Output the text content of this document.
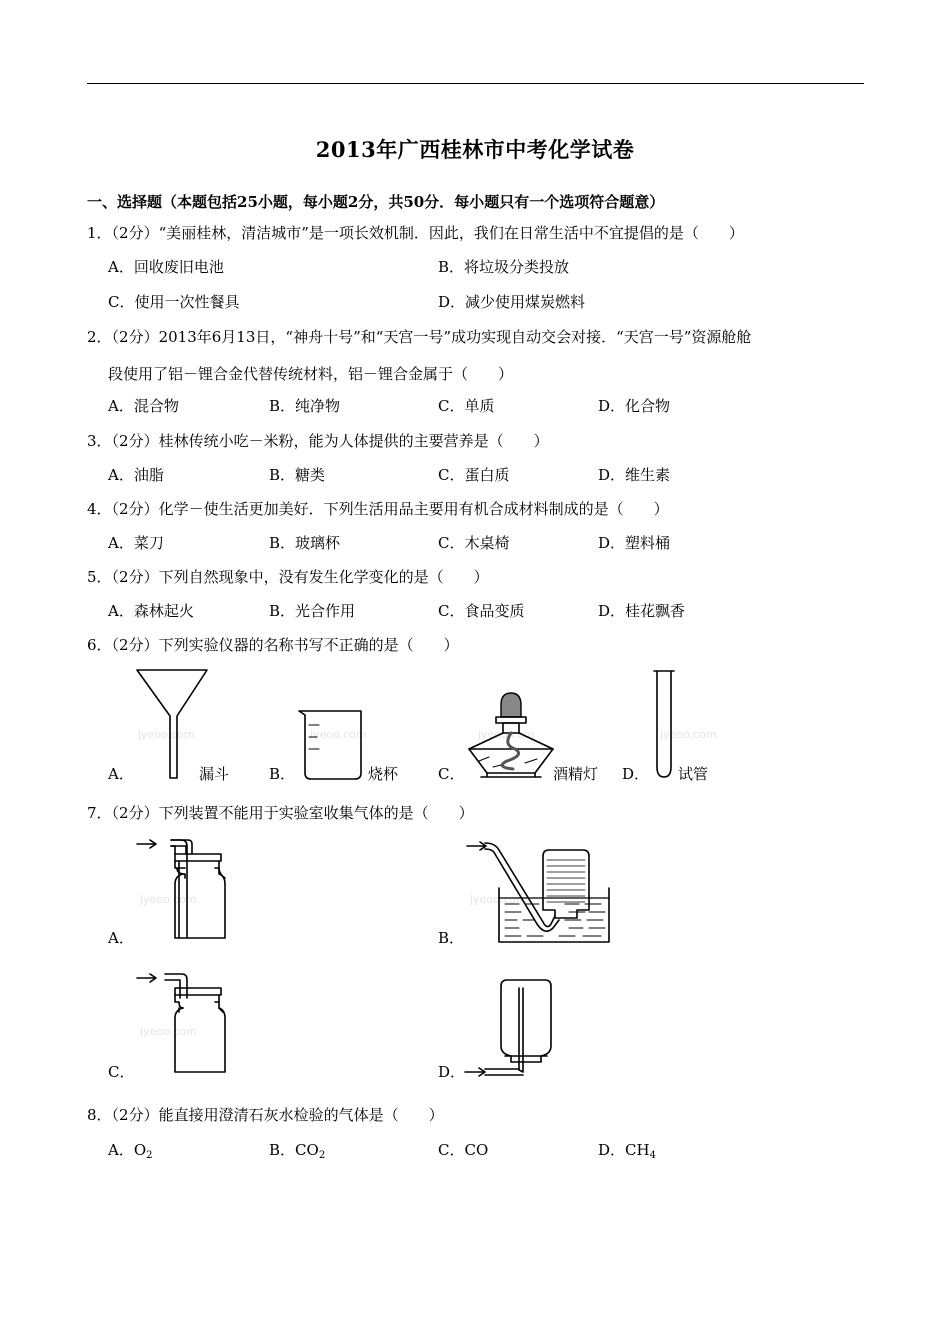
2013年广西桂林市中考化学试卷
一、选择题（本题包括25小题，每小题2分，共50分．每小题只有一个选项符合题意）
1．（2分）“美丽桂林，清洁城市”是一项长效机制．因此，我们在日常生活中不宜提倡的是（　　）
A．回收废旧电池	B．将垃圾分类投放
C．使用一次性餐具	D．减少使用煤炭燃料
2．（2分）2013年6月13日，“神舟十号”和“天宫一号”成功实现自动交会对接．“天宫一号”资源舱舱
段使用了铝－锂合金代替传统材料，铝－锂合金属于（　　）
A．混合物	B．纯净物	C．单质	D．化合物
3．（2分）桂林传统小吃－米粉，能为人体提供的主要营养是（　　）
A．油脂	B．糖类	C．蛋白质	D．维生素
4．（2分）化学－使生活更加美好．下列生活用品主要用有机合成材料制成的是（　　）
A．菜刀	B．玻璃杯	C．木桌椅	D．塑料桶
5．（2分）下列自然现象中，没有发生化学变化的是（　　）
A．森林起火	B．光合作用	C．食品变质	D．桂花飘香
6．（2分）下列实验仪器的名称书写不正确的是（　　）
jyeoo.com	jyeoo.com	jyeoo.com	jyeoo.com
A．	漏斗	B．	烧杯	C．	酒精灯 D． 试管
7．（2分）下列装置不能用于实验室收集气体的是（　　）
jyeoo.com	jyeoo.com
jyeoo.com
A．	B．
C．	D．
8．（2分）能直接用澄清石灰水检验的气体是（　　）
A．$O_2$	B．$CO_2$	C．CO	D．$CH_4$
